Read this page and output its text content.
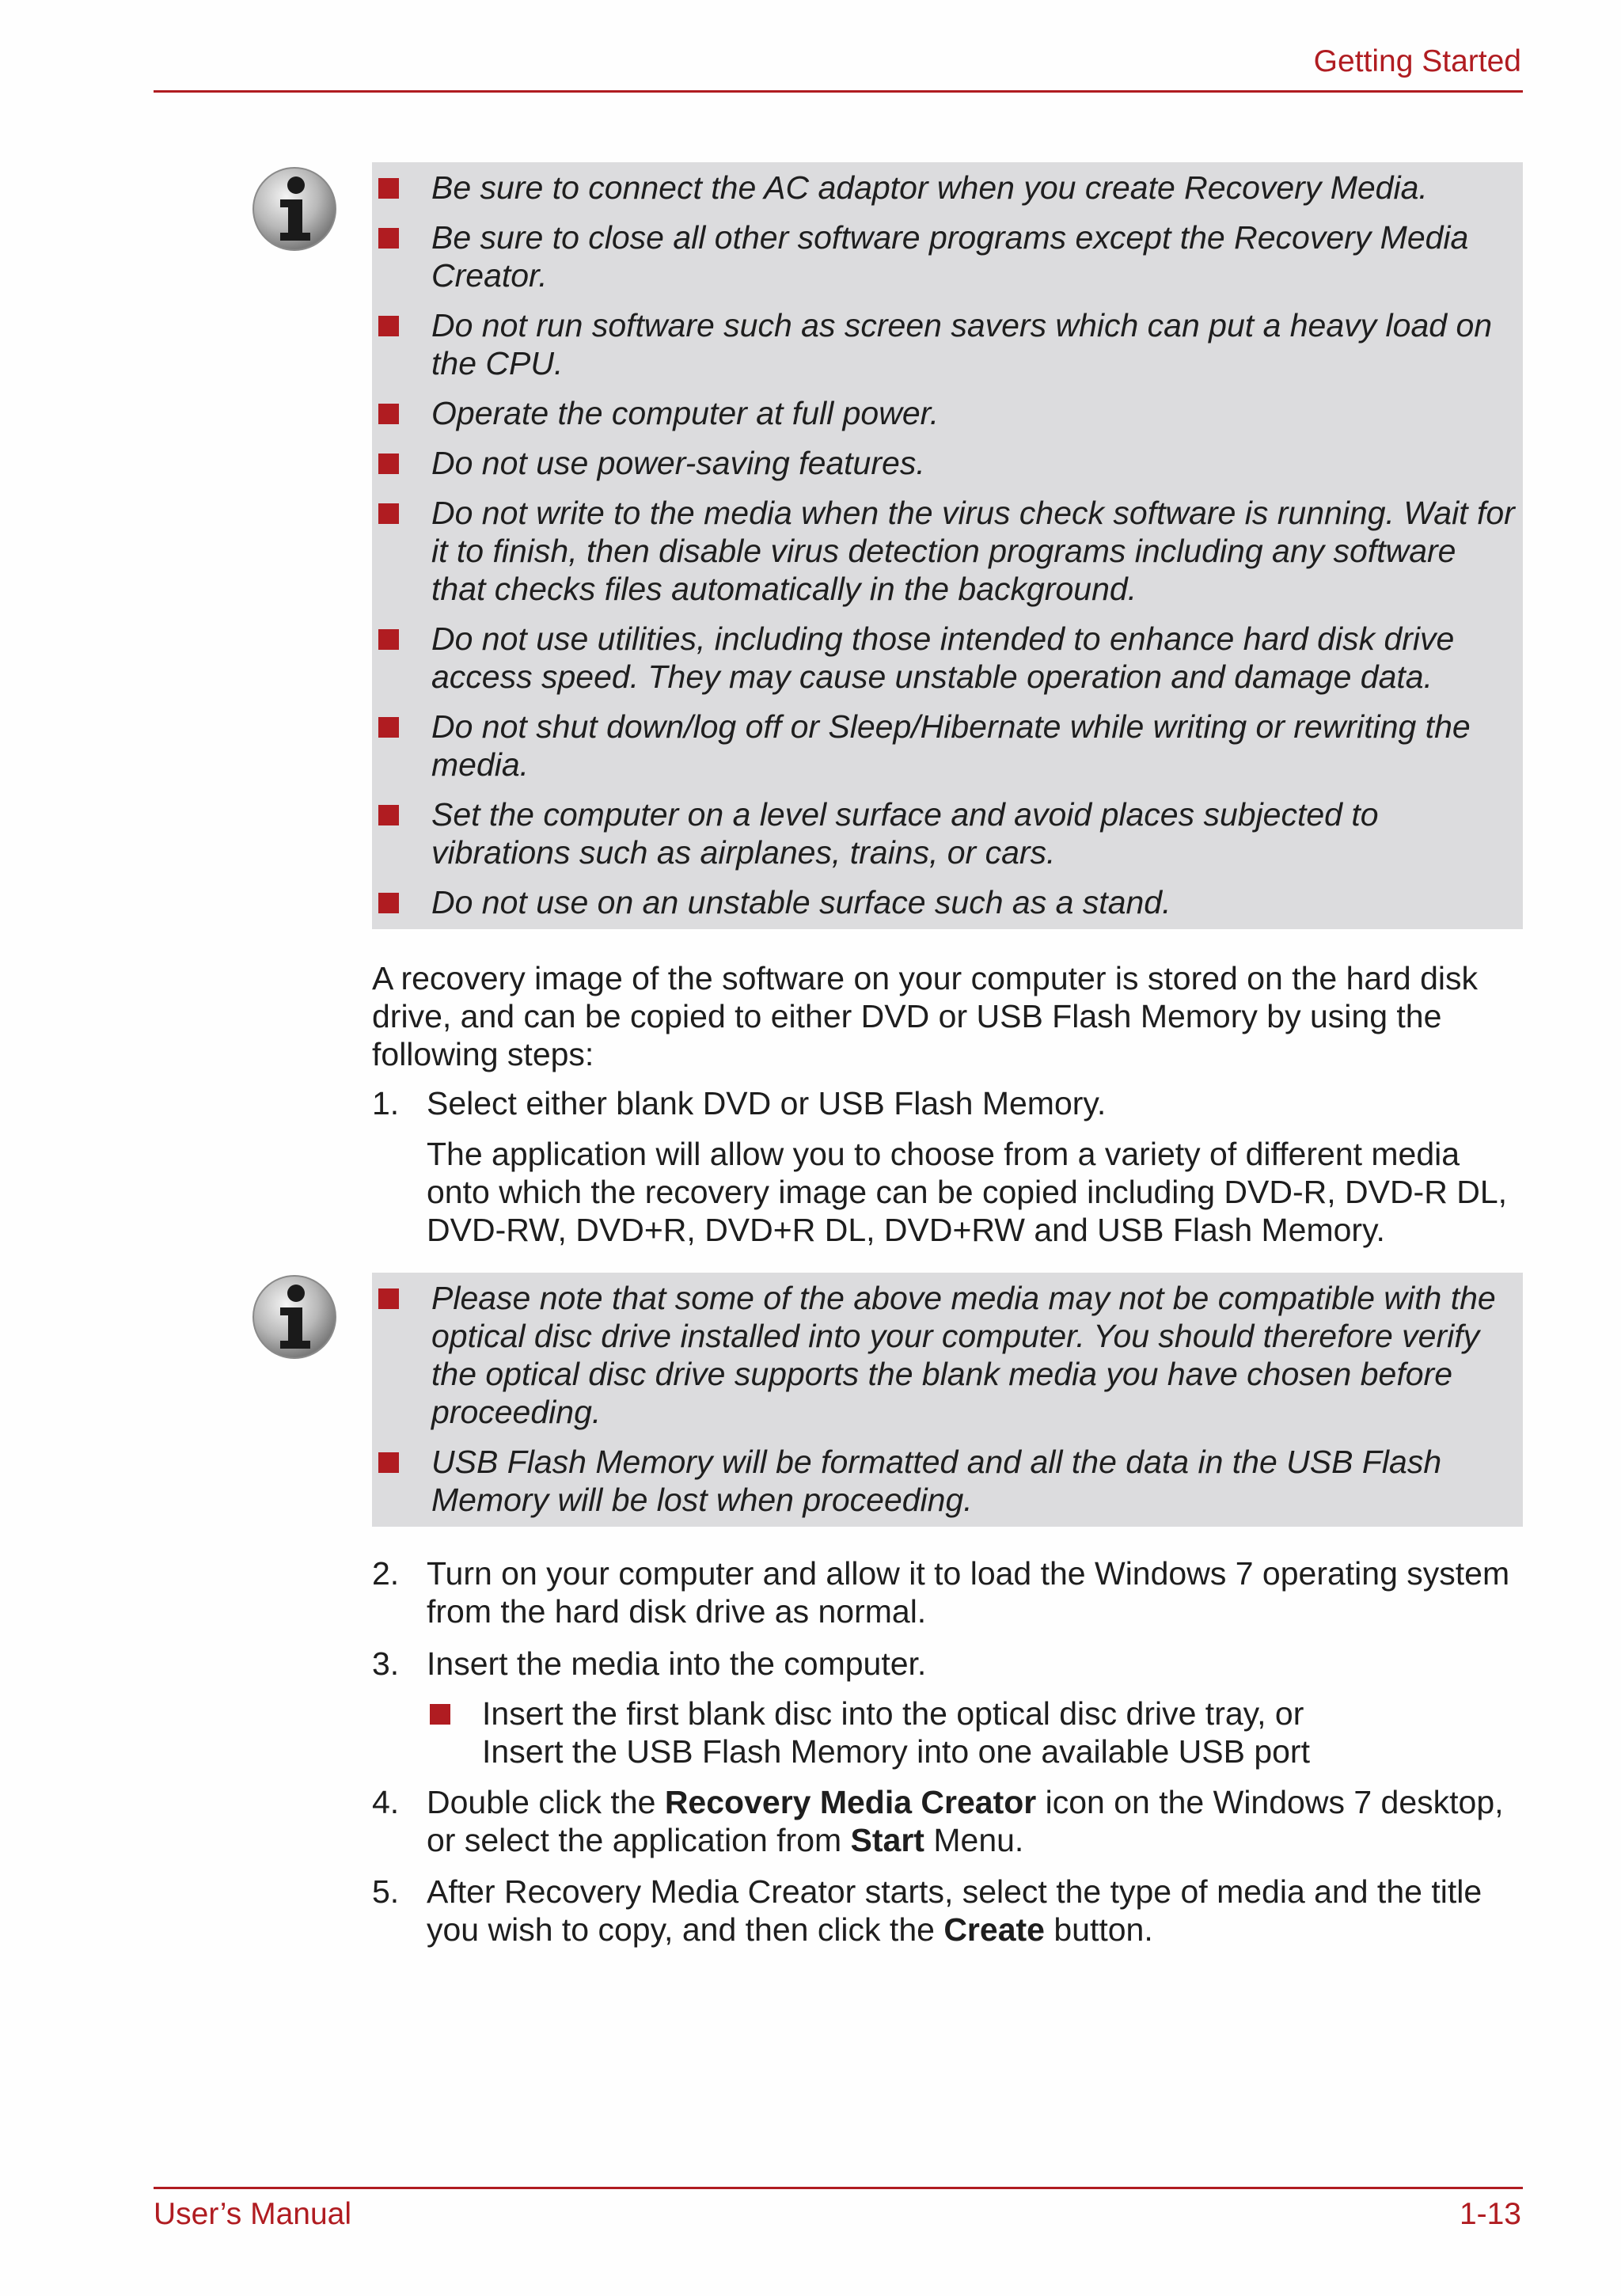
Getting Started
Be sure to connect the AC adaptor when you create Recovery Media.
Be sure to close all other software programs except the Recovery Media Creator.
Do not run software such as screen savers which can put a heavy load on the CPU.
Operate the computer at full power.
Do not use power-saving features.
Do not write to the media when the virus check software is running. Wait for it to finish, then disable virus detection programs including any software that checks files automatically in the background.
Do not use utilities, including those intended to enhance hard disk drive access speed. They may cause unstable operation and damage data.
Do not shut down/log off or Sleep/Hibernate while writing or rewriting the media.
Set the computer on a level surface and avoid places subjected to vibrations such as airplanes, trains, or cars.
Do not use on an unstable surface such as a stand.
A recovery image of the software on your computer is stored on the hard disk drive, and can be copied to either DVD or USB Flash Memory by using the following steps:
1. Select either blank DVD or USB Flash Memory.
The application will allow you to choose from a variety of different media onto which the recovery image can be copied including DVD-R, DVD-R DL, DVD-RW, DVD+R, DVD+R DL, DVD+RW and USB Flash Memory.
Please note that some of the above media may not be compatible with the optical disc drive installed into your computer. You should therefore verify the optical disc drive supports the blank media you have chosen before proceeding.
USB Flash Memory will be formatted and all the data in the USB Flash Memory will be lost when proceeding.
2. Turn on your computer and allow it to load the Windows 7 operating system from the hard disk drive as normal.
3. Insert the media into the computer.
Insert the first blank disc into the optical disc drive tray, or
Insert the USB Flash Memory into one available USB port
4. Double click the Recovery Media Creator icon on the Windows 7 desktop, or select the application from Start Menu.
5. After Recovery Media Creator starts, select the type of media and the title you wish to copy, and then click the Create button.
User’s Manual	1-13
